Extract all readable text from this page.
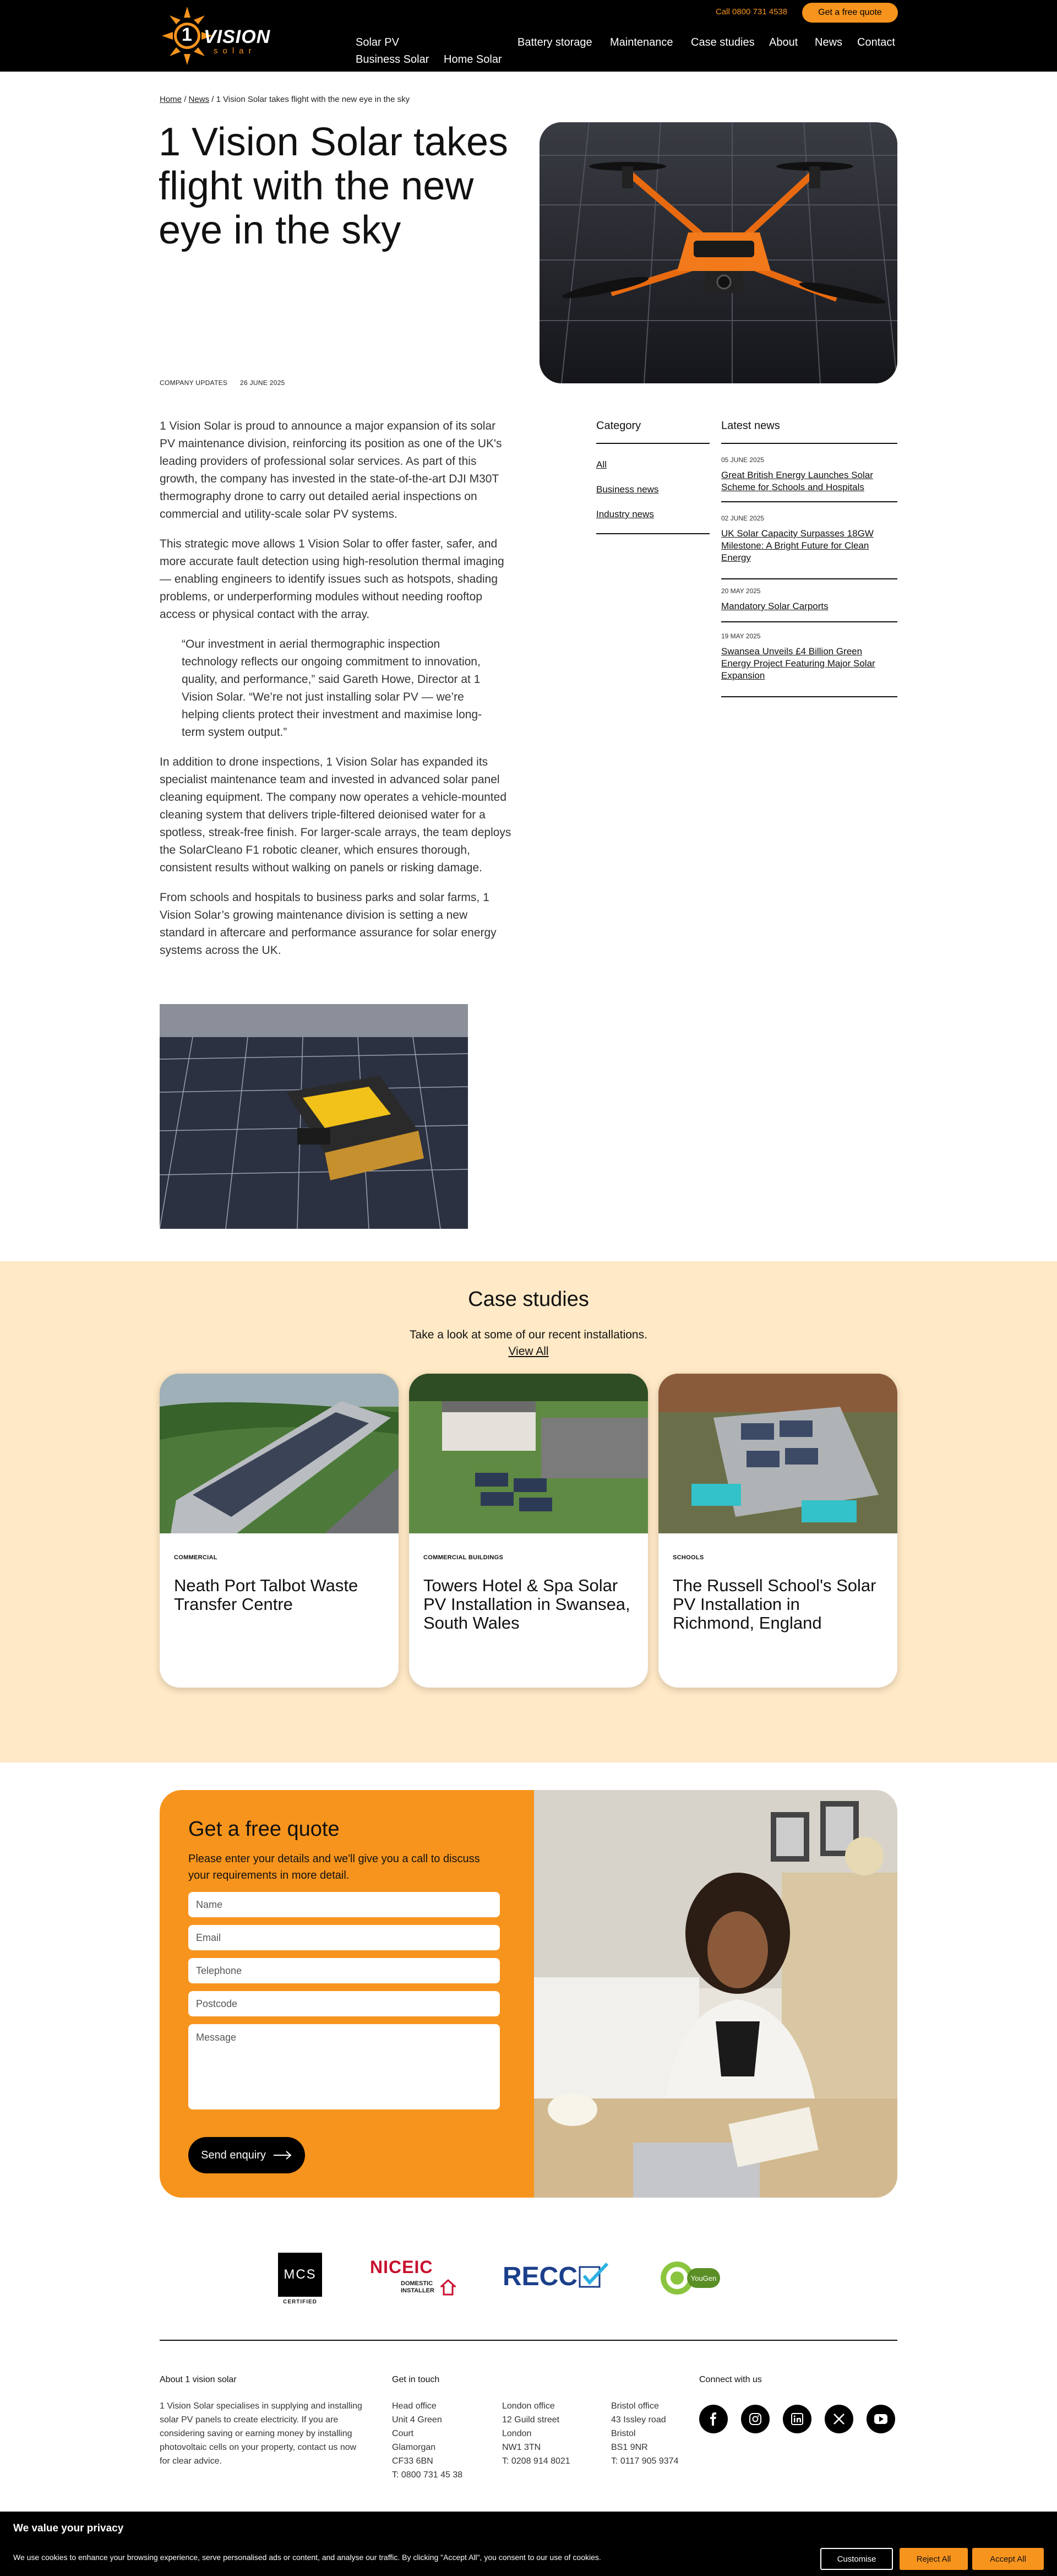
1 VISION
solar
Call 0800 731 4538	Get a free quote
Solar PV
Business Solar Home Solar
Battery storage Maintenance Case studies About News Contact
Home / News / 1 Vision Solar takes flight with the new eye in the sky
1 Vision Solar takes flight with the new eye in the sky
COMPANY UPDATES 26 JUNE 2025

1 Vision Solar is proud to announce a major expansion of its solar PV maintenance division, reinforcing its position as one of the UK's leading providers of professional solar services. As part of this growth, the company has invested in the state-of-the-art DJI M30T thermography drone to carry out detailed aerial inspections on commercial and utility-scale solar PV systems.

This strategic move allows 1 Vision Solar to offer faster, safer, and more accurate fault detection using high-resolution thermal imaging — enabling engineers to identify issues such as hotspots, shading problems, or underperforming modules without needing rooftop access or physical contact with the array.

“Our investment in aerial thermographic inspection technology reflects our ongoing commitment to innovation, quality, and performance,” said Gareth Howe, Director at 1 Vision Solar. “We’re not just installing solar PV — we’re helping clients protect their investment and maximise long-term system output.”

In addition to drone inspections, 1 Vision Solar has expanded its specialist maintenance team and invested in advanced solar panel cleaning equipment. The company now operates a vehicle-mounted cleaning system that delivers triple-filtered deionised water for a spotless, streak-free finish. For larger-scale arrays, the team deploys the SolarCleano F1 robotic cleaner, which ensures thorough, consistent results without walking on panels or risking damage.

From schools and hospitals to business parks and solar farms, 1 Vision Solar’s growing maintenance division is setting a new standard in aftercare and performance assurance for solar energy systems across the UK.

Category
All
Business news
Industry news
Latest news
05 JUNE 2025
Great British Energy Launches Solar Scheme for Schools and Hospitals
02 JUNE 2025
UK Solar Capacity Surpasses 18GW Milestone: A Bright Future for Clean Energy
20 MAY 2025
Mandatory Solar Carports
19 MAY 2025
Swansea Unveils £4 Billion Green Energy Project Featuring Major Solar Expansion
Case studies
Take a look at some of our recent installations.
View All
COMMERCIAL
Neath Port Talbot Waste Transfer Centre
COMMERCIAL BUILDINGS
Towers Hotel & Spa Solar PV Installation in Swansea, South Wales
SCHOOLS
The Russell School's Solar PV Installation in Richmond, England
Get a free quote
Please enter your details and we'll give you a call to discuss your requirements in more detail.
Name
Email
Telephone
Postcode
Message
Send enquiry
MCS
CERTIFIED
NICEIC
DOMESTIC
INSTALLER	RECC	YouGen
About 1 vision solar
1 Vision Solar specialises in supplying and installing solar PV panels to create electricity. If you are considering saving or earning money by installing photovoltaic cells on your property, contact us now for clear advice.
Get in touch
Head office
Unit 4 Green
Court
Glamorgan
CF33 6BN
T: 0800 731 45 38
London office
12 Guild street
London
NW1 3TN
T: 0208 914 8021
Bristol office
43 Issley road
Bristol
BS1 9NR
T: 0117 905 9374
Connect with us
We value your privacy
We use cookies to enhance your browsing experience, serve personalised ads or content, and analyse our traffic. By clicking "Accept All", you consent to our use of cookies.	Customise	Reject All	Accept All
